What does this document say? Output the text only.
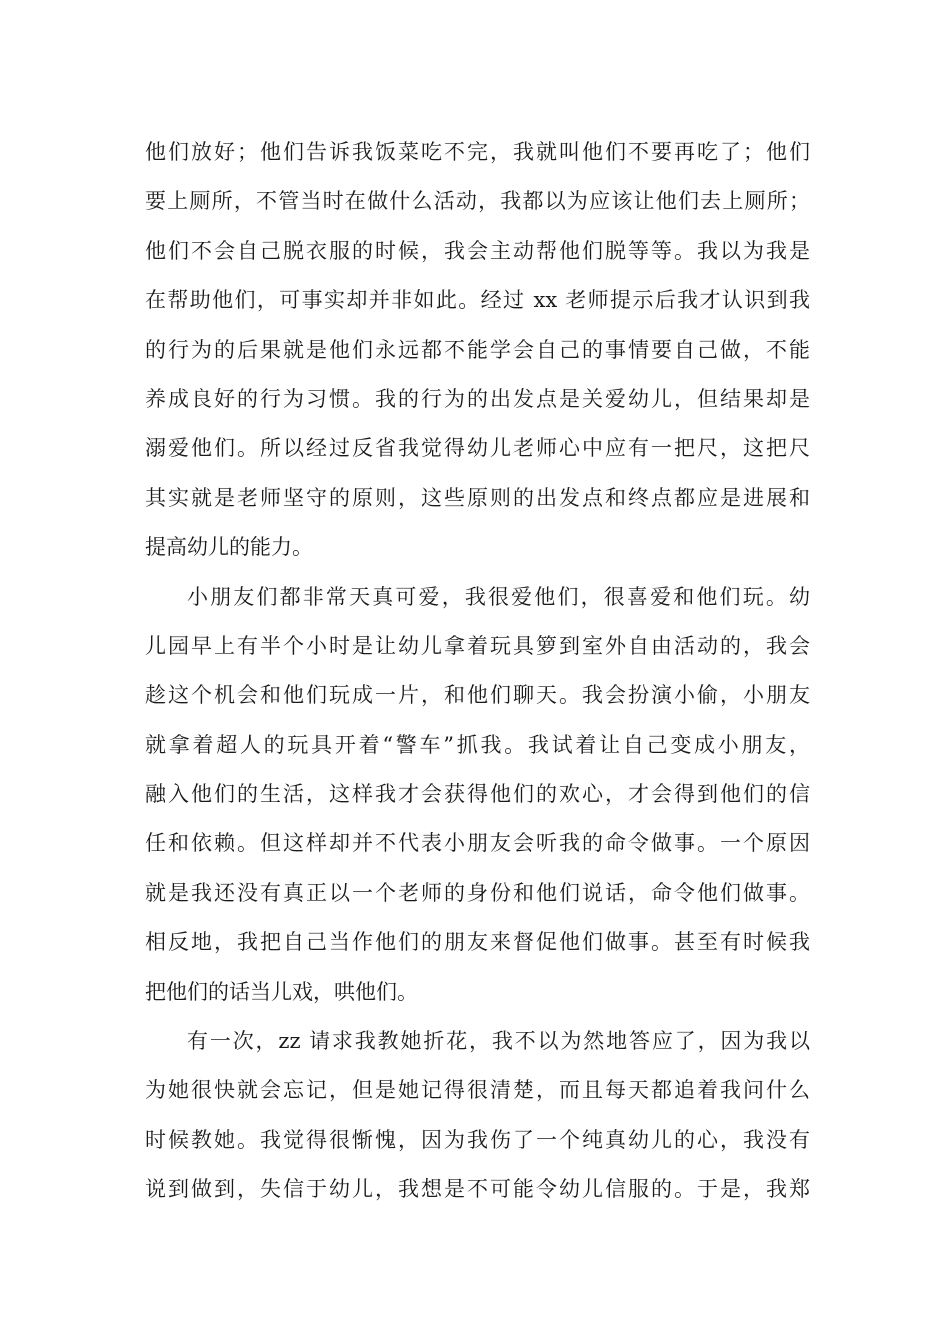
他们放好；他们告诉我饭菜吃不完，我就叫他们不要再吃了；他们
要上厕所，不管当时在做什么活动，我都以为应该让他们去上厕所；
他们不会自己脱衣服的时候，我会主动帮他们脱等等。我以为我是
在帮助他们，可事实却并非如此。经过 xx 老师提示后我才认识到我
的行为的后果就是他们永远都不能学会自己的事情要自己做，不能
养成良好的行为习惯。我的行为的出发点是关爱幼儿，但结果却是
溺爱他们。所以经过反省我觉得幼儿老师心中应有一把尺，这把尺
其实就是老师坚守的原则，这些原则的出发点和终点都应是进展和
提高幼儿的能力。
小朋友们都非常天真可爱，我很爱他们，很喜爱和他们玩。幼
儿园早上有半个小时是让幼儿拿着玩具箩到室外自由活动的，我会
趁这个机会和他们玩成一片，和他们聊天。我会扮演小偷，小朋友
就拿着超人的玩具开着“警车”抓我。我试着让自己变成小朋友，
融入他们的生活，这样我才会获得他们的欢心，才会得到他们的信
任和依赖。但这样却并不代表小朋友会听我的命令做事。一个原因
就是我还没有真正以一个老师的身份和他们说话，命令他们做事。
相反地，我把自己当作他们的朋友来督促他们做事。甚至有时候我
把他们的话当儿戏，哄他们。
有一次，zz 请求我教她折花，我不以为然地答应了，因为我以
为她很快就会忘记，但是她记得很清楚，而且每天都追着我问什么
时候教她。我觉得很惭愧，因为我伤了一个纯真幼儿的心，我没有
说到做到，失信于幼儿，我想是不可能令幼儿信服的。于是，我郑
